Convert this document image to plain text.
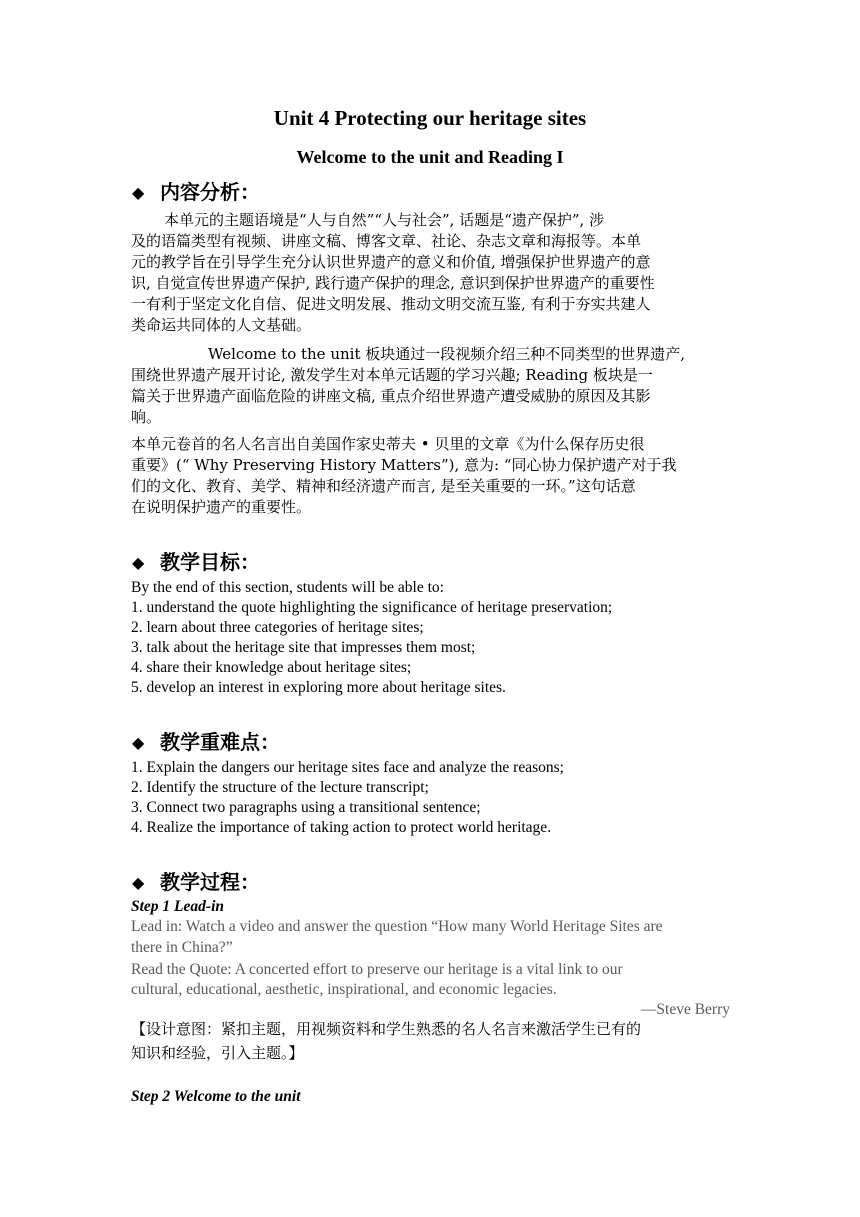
Unit 4 Protecting our heritage sites
Welcome to the unit and Reading I
◆ 内容分析：
本单元的主题语境是“人与自然”“人与社会”, 话题是“遗产保护”, 涉
及的语篇类型有视频、讲座文稿、博客文章、社论、杂志文章和海报等。本单
元的教学旨在引导学生充分认识世界遗产的意义和价值, 增强保护世界遗产的意
识, 自觉宣传世界遗产保护, 践行遗产保护的理念, 意识到保护世界遗产的重要性
一有利于坚定文化自信、促进文明发展、推动文明交流互鉴, 有利于夯实共建人
类命运共同体的人文基础。
Welcome to the unit 板块通过一段视频介绍三种不同类型的世界遗产,
围绕世界遗产展开讨论, 激发学生对本单元话题的学习兴趣; Reading 板块是一
篇关于世界遗产面临危险的讲座文稿, 重点介绍世界遗产遭受威胁的原因及其影
响。
本单元卷首的名人名言出自美国作家史蒂夫 • 贝里的文章《为什么保存历史很
重要》(“ Why Preserving History Matters”), 意为: “同心协力保护遗产对于我
们的文化、教育、美学、精神和经济遗产而言, 是至关重要的一环。”这句话意
在说明保护遗产的重要性。
◆ 教学目标：
By the end of this section, students will be able to:
1. understand the quote highlighting the significance of heritage preservation;
2. learn about three categories of heritage sites;
3. talk about the heritage site that impresses them most;
4. share their knowledge about heritage sites;
5. develop an interest in exploring more about heritage sites.
◆ 教学重难点：
1. Explain the dangers our heritage sites face and analyze the reasons;
2. Identify the structure of the lecture transcript;
3. Connect two paragraphs using a transitional sentence;
4. Realize the importance of taking action to protect world heritage.
◆ 教学过程：
Step 1 Lead-in
Lead in: Watch a video and answer the question “How many World Heritage Sites are
there in China?”
Read the Quote: A concerted effort to preserve our heritage is a vital link to our
cultural, educational, aesthetic, inspirational, and economic legacies.
—Steve Berry
【设计意图：紧扣主题，用视频资料和学生熟悉的名人名言来激活学生已有的
知识和经验，引入主题。】
Step 2 Welcome to the unit
